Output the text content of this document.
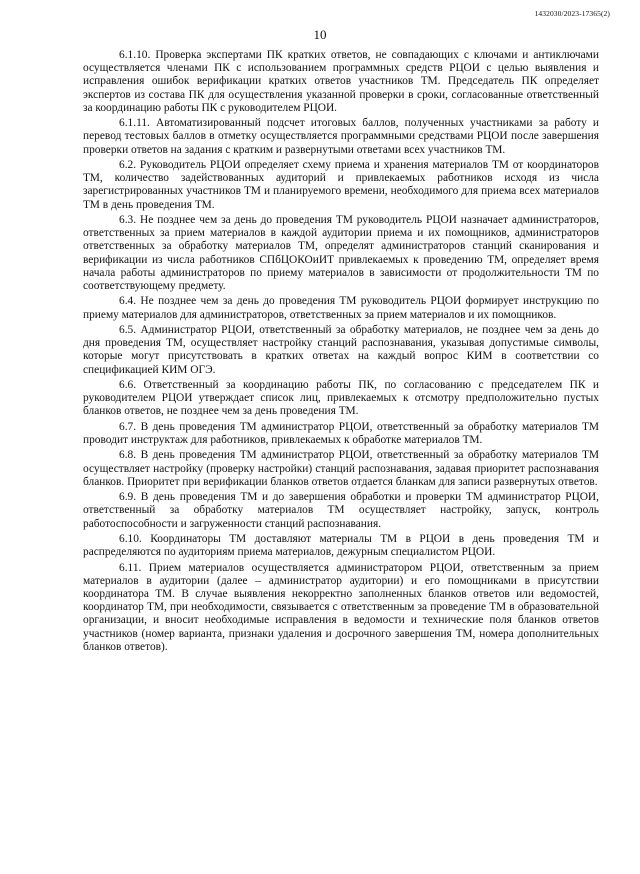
1432030/2023-17365(2)
10

6.1.10. Проверка экспертами ПК кратких ответов, не совпадающих с ключами и антиключами осуществляется членами ПК с использованием программных средств РЦОИ с целью выявления и исправления ошибок верификации кратких ответов участников ТМ. Председатель ПК определяет экспертов из состава ПК для осуществления указанной проверки в сроки, согласованные ответственный за координацию работы ПК с руководителем РЦОИ.

6.1.11. Автоматизированный подсчет итоговых баллов, полученных участниками за работу и перевод тестовых баллов в отметку осуществляется программными средствами РЦОИ после завершения проверки ответов на задания с кратким и развернутыми ответами всех участников ТМ.

6.2. Руководитель РЦОИ определяет схему приема и хранения материалов ТМ от координаторов ТМ, количество задействованных аудиторий и привлекаемых работников исходя из числа зарегистрированных участников ТМ и планируемого времени, необходимого для приема всех материалов ТМ в день проведения ТМ.

6.3. Не позднее чем за день до проведения ТМ руководитель РЦОИ назначает администраторов, ответственных за прием материалов в каждой аудитории приема и их помощников, администраторов ответственных за обработку материалов ТМ, определят администраторов станций сканирования и верификации из числа работников СПбЦОКОиИТ привлекаемых к проведению ТМ, определяет время начала работы администраторов по приему материалов в зависимости от продолжительности ТМ по соответствующему предмету.

6.4. Не позднее чем за день до проведения ТМ руководитель РЦОИ формирует инструкцию по приему материалов для администраторов, ответственных за прием материалов и их помощников.

6.5. Администратор РЦОИ, ответственный за обработку материалов, не позднее чем за день до дня проведения ТМ, осуществляет настройку станций распознавания, указывая допустимые символы, которые могут присутствовать в кратких ответах на каждый вопрос КИМ в соответствии со спецификацией КИМ ОГЭ.

6.6. Ответственный за координацию работы ПК, по согласованию с председателем ПК и руководителем РЦОИ утверждает список лиц, привлекаемых к отсмотру предположительно пустых бланков ответов, не позднее чем за день проведения ТМ.

6.7. В день проведения ТМ администратор РЦОИ, ответственный за обработку материалов ТМ проводит инструктаж для работников, привлекаемых к обработке материалов ТМ.

6.8. В день проведения ТМ администратор РЦОИ, ответственный за обработку материалов ТМ осуществляет настройку (проверку настройки) станций распознавания, задавая приоритет распознавания бланков. Приоритет при верификации бланков ответов отдается бланкам для записи развернутых ответов.

6.9. В день проведения ТМ и до завершения обработки и проверки ТМ администратор РЦОИ, ответственный за обработку материалов ТМ осуществляет настройку, запуск, контроль работоспособности и загруженности станций распознавания.

6.10. Координаторы ТМ доставляют материалы ТМ в РЦОИ в день проведения ТМ и распределяются по аудиториям приема материалов, дежурным специалистом РЦОИ.

6.11. Прием материалов осуществляется администратором РЦОИ, ответственным за прием материалов в аудитории (далее – администратор аудитории) и его помощниками в присутствии координатора ТМ. В случае выявления некорректно заполненных бланков ответов или ведомостей, координатор ТМ, при необходимости, связывается с ответственным за проведение ТМ в образовательной организации, и вносит необходимые исправления в ведомости и технические поля бланков ответов участников (номер варианта, признаки удаления и досрочного завершения ТМ, номера дополнительных бланков ответов).
